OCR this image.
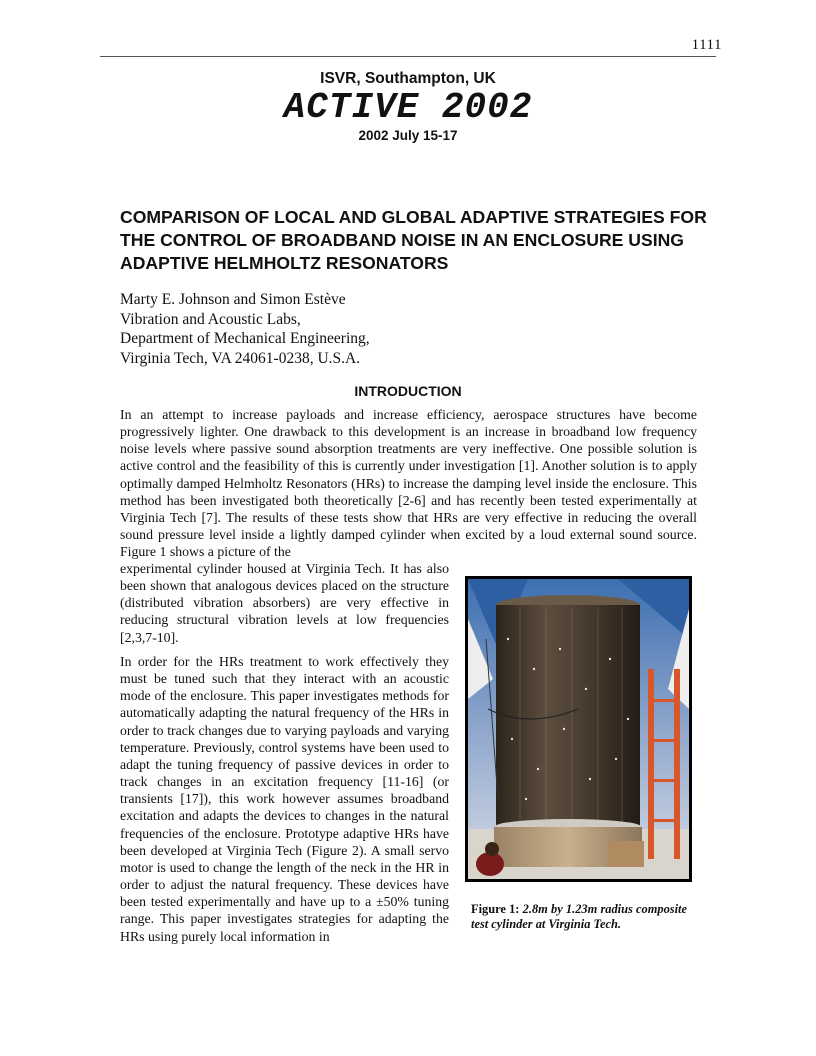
1111
ISVR, Southampton, UK
ACTIVE 2002
2002 July 15-17
COMPARISON OF LOCAL AND GLOBAL ADAPTIVE STRATEGIES FOR THE CONTROL OF BROADBAND NOISE IN AN ENCLOSURE USING ADAPTIVE HELMHOLTZ RESONATORS
Marty E. Johnson and Simon Estève
Vibration and Acoustic Labs,
Department of Mechanical Engineering,
Virginia Tech, VA 24061-0238, U.S.A.
INTRODUCTION

In an attempt to increase payloads and increase efficiency, aerospace structures have become progressively lighter. One drawback to this development is an increase in broadband low frequency noise levels where passive sound absorption treatments are very ineffective. One possible solution is active control and the feasibility of this is currently under investigation [1]. Another solution is to apply optimally damped Helmholtz Resonators (HRs) to increase the damping level inside the enclosure. This method has been investigated both theoretically [2-6] and has recently been tested experimentally at Virginia Tech [7]. The results of these tests show that HRs are very effective in reducing the overall sound pressure level inside a lightly damped cylinder when excited by a loud external sound source. Figure 1 shows a picture of the

experimental cylinder housed at Virginia Tech. It has also been shown that analogous devices placed on the structure (distributed vibration absorbers) are very effective in reducing structural vibration levels at low frequencies [2,3,7-10].

In order for the HRs treatment to work effectively they must be tuned such that they interact with an acoustic mode of the enclosure. This paper investigates methods for automatically adapting the natural frequency of the HRs in order to track changes due to varying payloads and varying temperature. Previously, control systems have been used to adapt the tuning frequency of passive devices in order to track changes in an excitation frequency [11-16] (or transients [17]), this work however assumes broadband excitation and adapts the devices to changes in the natural frequencies of the enclosure. Prototype adaptive HRs have been developed at Virginia Tech (Figure 2). A small servo motor is used to change the length of the neck in the HR in order to adjust the natural frequency. These devices have been tested experimentally and have up to a ±50% tuning range. This paper investigates strategies for adapting the HRs using purely local information in

Figure 1: 2.8m by 1.23m radius composite test cylinder at Virginia Tech.
